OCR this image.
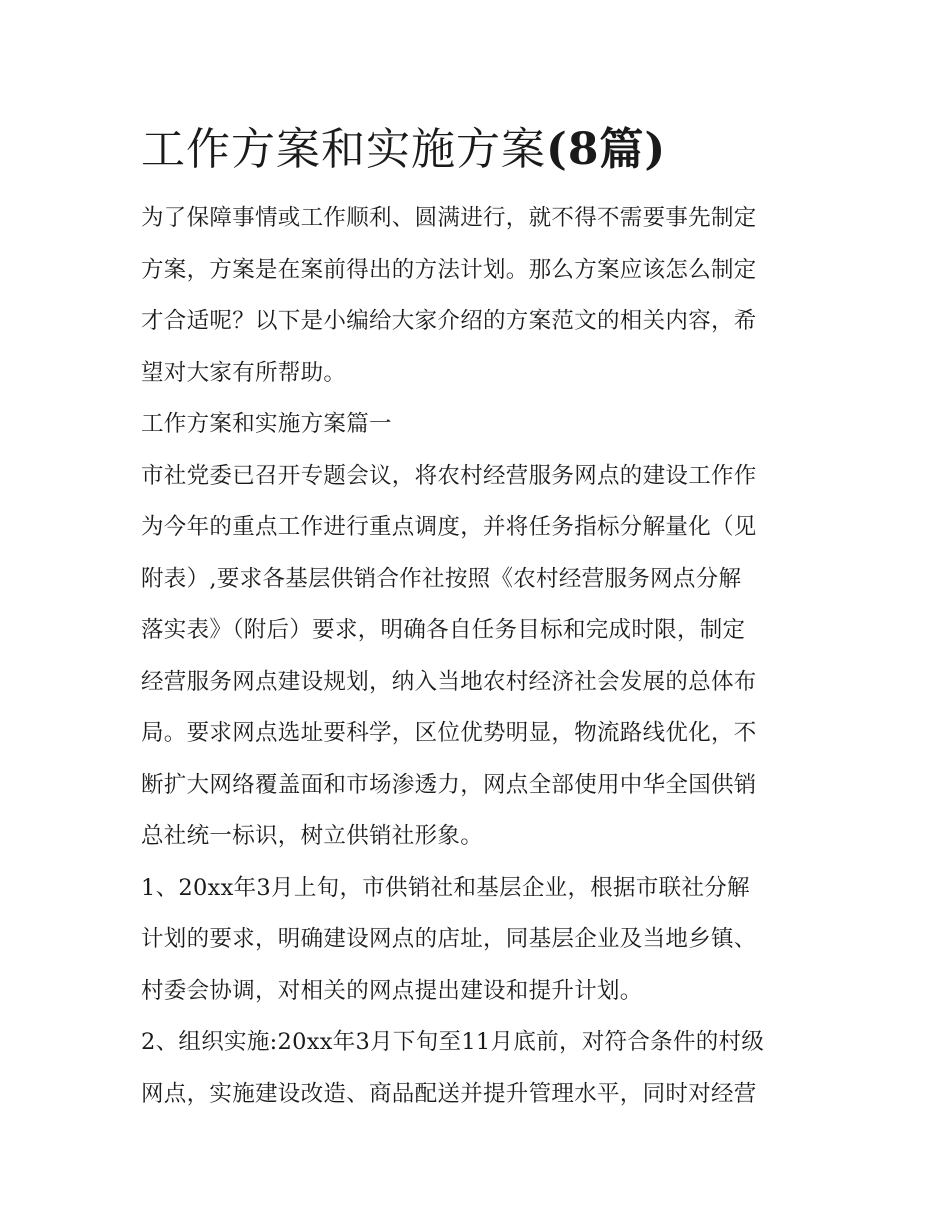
工作方案和实施方案(8篇)

为了保障事情或工作顺利、圆满进行，就不得不需要事先制定
方案，方案是在案前得出的方法计划。那么方案应该怎么制定
才合适呢？以下是小编给大家介绍的方案范文的相关内容，希
望对大家有所帮助。

工作方案和实施方案篇一

市社党委已召开专题会议，将农村经营服务网点的建设工作作
为今年的重点工作进行重点调度，并将任务指标分解量化（见
附表）,要求各基层供销合作社按照《农村经营服务网点分解
落实表》（附后）要求，明确各自任务目标和完成时限，制定
经营服务网点建设规划，纳入当地农村经济社会发展的总体布
局。要求网点选址要科学，区位优势明显，物流路线优化，不
断扩大网络覆盖面和市场渗透力，网点全部使用中华全国供销
总社统一标识，树立供销社形象。

1、20xx年3月上旬，市供销社和基层企业，根据市联社分解
计划的要求，明确建设网点的店址，同基层企业及当地乡镇、
村委会协调，对相关的网点提出建设和提升计划。

2、组织实施:20xx年3月下旬至11月底前，对符合条件的村级
网点，实施建设改造、商品配送并提升管理水平，同时对经营
